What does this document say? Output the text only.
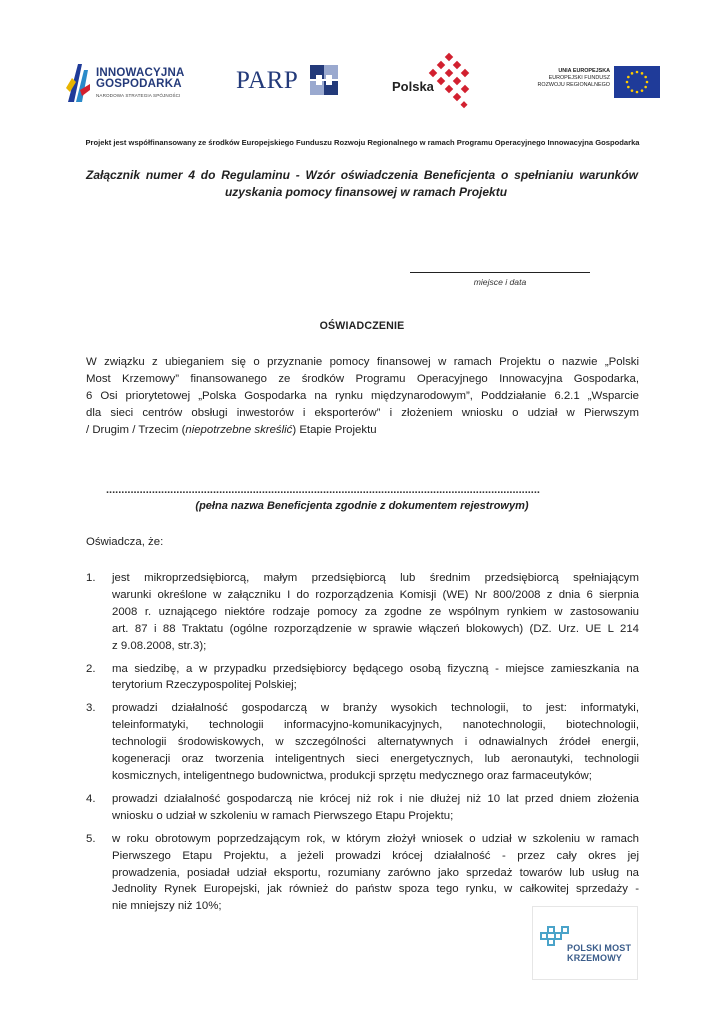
INNOWACYJNA
GOSPODARKA
NARODOWA STRATEGIA SPÓJNOŚCI
PARP	Polska
UNIA EUROPEJSKA
EUROPEJSKI FUNDUSZ
ROZWOJU REGIONALNEGO
Projekt jest współfinansowany ze środków Europejskiego Funduszu Rozwoju Regionalnego w ramach Programu Operacyjnego Innowacyjna Gospodarka
Załącznik numer 4 do Regulaminu - Wzór oświadczenia Beneficjenta o spełnianiu warunków
uzyskania pomocy finansowej w ramach Projektu
miejsce i data
OŚWIADCZENIE
W związku z ubieganiem się o przyznanie pomocy finansowej w ramach Projektu o nazwie „Polski
Most Krzemowy” finansowanego ze środków Programu Operacyjnego Innowacyjna Gospodarka,
6 Osi priorytetowej „Polska Gospodarka na rynku międzynarodowym”, Poddziałanie 6.2.1 „Wsparcie
dla sieci centrów obsługi inwestorów i eksporterów” i złożeniem wniosku o udział w Pierwszym
/ Drugim / Trzecim (niepotrzebne skreślić) Etapie Projektu
..............................................................................................................................................
(pełna nazwa Beneficjenta zgodnie z dokumentem rejestrowym)
Oświadcza, że:
1. jest mikroprzedsiębiorcą, małym przedsiębiorcą lub średnim przedsiębiorcą spełniającym
warunki określone w załączniku I do rozporządzenia Komisji (WE) Nr 800/2008 z dnia 6 sierpnia
2008 r. uznającego niektóre rodzaje pomocy za zgodne ze wspólnym rynkiem w zastosowaniu
art. 87 i 88 Traktatu (ogólne rozporządzenie w sprawie włączeń blokowych) (DZ. Urz. UE L 214
z 9.08.2008, str.3);
2. ma siedzibę, a w przypadku przedsiębiorcy będącego osobą fizyczną - miejsce zamieszkania na
terytorium Rzeczypospolitej Polskiej;
3. prowadzi działalność gospodarczą w branży wysokich technologii, to jest: informatyki,
teleinformatyki, technologii informacyjno-komunikacyjnych, nanotechnologii, biotechnologii,
technologii środowiskowych, w szczególności alternatywnych i odnawialnych źródeł energii,
kogeneracji oraz tworzenia inteligentnych sieci energetycznych, lub aeronautyki, technologii
kosmicznych, inteligentnego budownictwa, produkcji sprzętu medycznego oraz farmaceutyków;
4. prowadzi działalność gospodarczą nie krócej niż rok i nie dłużej niż 10 lat przed dniem złożenia
wniosku o udział w szkoleniu w ramach Pierwszego Etapu Projektu;
5. w roku obrotowym poprzedzającym rok, w którym złożył wniosek o udział w szkoleniu w ramach
Pierwszego Etapu Projektu, a jeżeli prowadzi krócej działalność - przez cały okres jej
prowadzenia, posiadał udział eksportu, rozumiany zarówno jako sprzedaż towarów lub usług na
Jednolity Rynek Europejski, jak również do państw spoza tego rynku, w całkowitej sprzedaży -
nie mniejszy niż 10%;
POLSKI MOST
KRZEMOWY
